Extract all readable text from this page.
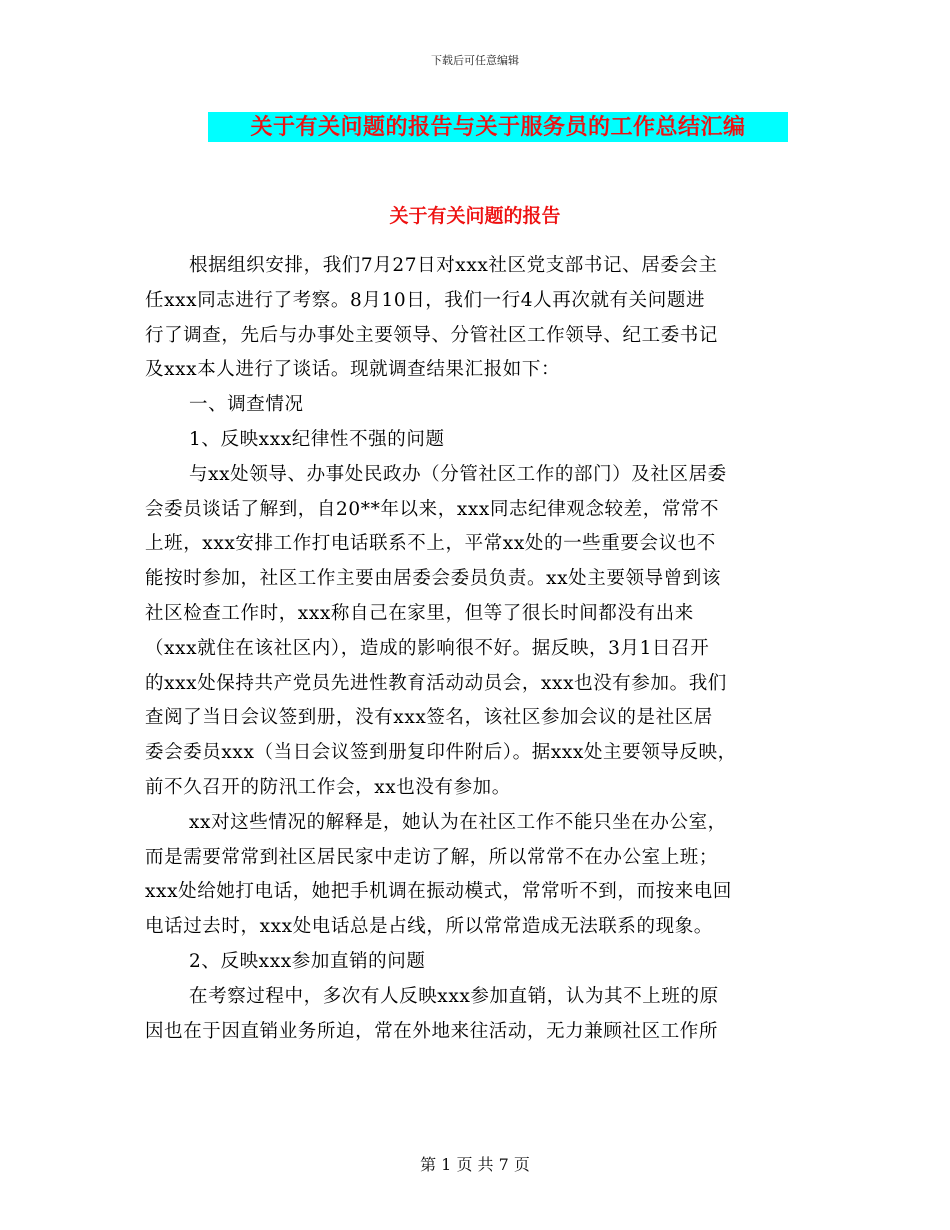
下载后可任意编辑
关于有关问题的报告与关于服务员的工作总结汇编
关于有关问题的报告
根据组织安排，我们7月27日对xxx社区党支部书记、居委会主
任xxx同志进行了考察。8月10日，我们一行4人再次就有关问题进
行了调查，先后与办事处主要领导、分管社区工作领导、纪工委书记
及xxx本人进行了谈话。现就调查结果汇报如下：
一、调查情况
1、反映xxx纪律性不强的问题
与xx处领导、办事处民政办（分管社区工作的部门）及社区居委
会委员谈话了解到，自20**年以来，xxx同志纪律观念较差，常常不
上班，xxx安排工作打电话联系不上，平常xx处的一些重要会议也不
能按时参加，社区工作主要由居委会委员负责。xx处主要领导曾到该
社区检查工作时，xxx称自己在家里，但等了很长时间都没有出来
（xxx就住在该社区内），造成的影响很不好。据反映，3月1日召开
的xxx处保持共产党员先进性教育活动动员会，xxx也没有参加。我们
查阅了当日会议签到册，没有xxx签名，该社区参加会议的是社区居
委会委员xxx（当日会议签到册复印件附后）。据xxx处主要领导反映，
前不久召开的防汛工作会，xx也没有参加。
xx对这些情况的解释是，她认为在社区工作不能只坐在办公室，
而是需要常常到社区居民家中走访了解，所以常常不在办公室上班；
xxx处给她打电话，她把手机调在振动模式，常常听不到，而按来电回
电话过去时，xxx处电话总是占线，所以常常造成无法联系的现象。
2、反映xxx参加直销的问题
在考察过程中，多次有人反映xxx参加直销，认为其不上班的原
因也在于因直销业务所迫，常在外地来往活动，无力兼顾社区工作所
第 1 页 共 7 页
